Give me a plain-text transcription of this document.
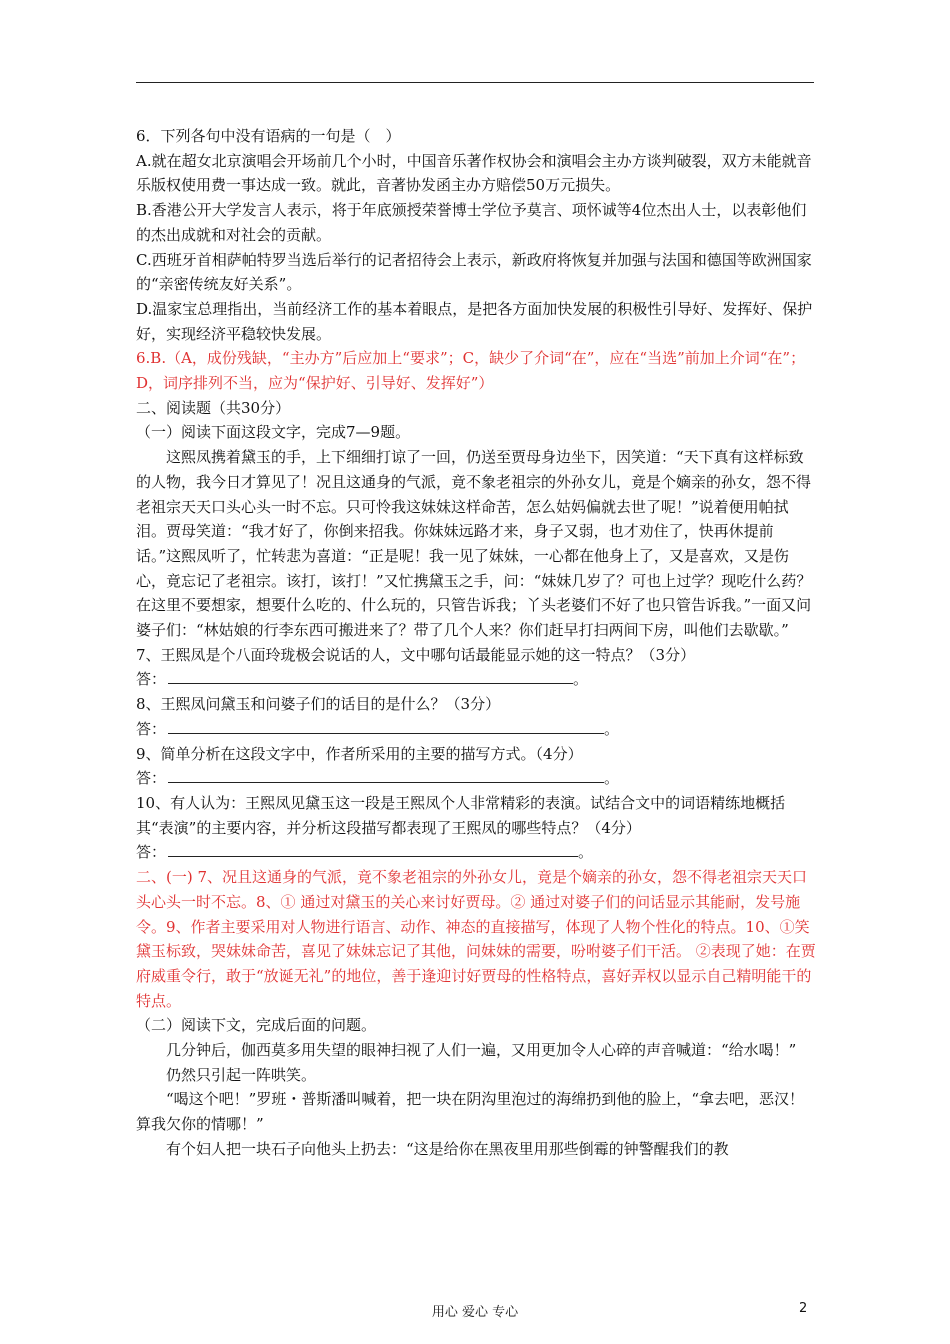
6．下列各句中没有语病的一句是（　）

A.就在超女北京演唱会开场前几个小时，中国音乐著作权协会和演唱会主办方谈判破裂，双方未能就音乐版权使用费一事达成一致。就此，音著协发函主办方赔偿50万元损失。

B.香港公开大学发言人表示，将于年底颁授荣誉博士学位予莫言、项怀诚等4位杰出人士，以表彰他们的杰出成就和对社会的贡献。

C.西班牙首相萨帕特罗当选后举行的记者招待会上表示，新政府将恢复并加强与法国和德国等欧洲国家的“亲密传统友好关系”。

D.温家宝总理指出，当前经济工作的基本着眼点，是把各方面加快发展的积极性引导好、发挥好、保护好，实现经济平稳较快发展。

6.B.（A，成份残缺，“主办方”后应加上“要求”；C，缺少了介词“在”，应在“当选”前加上介词“在”；D，词序排列不当，应为“保护好、引导好、发挥好”）

二、阅读题（共30分）

（一）阅读下面这段文字，完成7—9题。

这熙凤携着黛玉的手，上下细细打谅了一回，仍送至贾母身边坐下，因笑道：“天下真有这样标致的人物，我今日才算见了！况且这通身的气派，竟不象老祖宗的外孙女儿，竟是个嫡亲的孙女，怨不得老祖宗天天口头心头一时不忘。只可怜我这妹妹这样命苦，怎么姑妈偏就去世了呢！”说着便用帕拭泪。贾母笑道：“我才好了，你倒来招我。你妹妹远路才来，身子又弱，也才劝住了，快再休提前话。”这熙凤听了，忙转悲为喜道：“正是呢！我一见了妹妹，一心都在他身上了，又是喜欢，又是伤心，竟忘记了老祖宗。该打，该打！”又忙携黛玉之手，问：“妹妹几岁了？可也上过学？现吃什么药？在这里不要想家，想要什么吃的、什么玩的，只管告诉我；丫头老婆们不好了也只管告诉我。”一面又问婆子们：“林姑娘的行李东西可搬进来了？带了几个人来？你们赶早打扫两间下房，叫他们去歇歇。”

7、王熙凤是个八面玲珑极会说话的人，文中哪句话最能显示她的这一特点？（3分）

答：	。

8、王熙凤问黛玉和问婆子们的话目的是什么？（3分）

答：	。

9、简单分析在这段文字中，作者所采用的主要的描写方式。（4分）

答：	。

10、有人认为：王熙凤见黛玉这一段是王熙凤个人非常精彩的表演。试结合文中的词语精练地概括其“表演”的主要内容，并分析这段描写都表现了王熙凤的哪些特点？（4分）

答：	。

二、(一) 7、况且这通身的气派，竟不象老祖宗的外孙女儿，竟是个嫡亲的孙女，怨不得老祖宗天天口头心头一时不忘。8、① 通过对黛玉的关心来讨好贾母。② 通过对婆子们的问话显示其能耐，发号施令。9、作者主要采用对人物进行语言、动作、神态的直接描写，体现了人物个性化的特点。10、①笑黛玉标致，哭妹妹命苦，喜见了妹妹忘记了其他，问妹妹的需要，吩咐婆子们干活。 ②表现了她：在贾府威重令行，敢于“放诞无礼”的地位，善于逢迎讨好贾母的性格特点，喜好弄权以显示自己精明能干的特点。

（二）阅读下文，完成后面的问题。

几分钟后，伽西莫多用失望的眼神扫视了人们一遍，又用更加令人心碎的声音喊道：“给水喝！”

仍然只引起一阵哄笑。

“喝这个吧！”罗班・普斯潘叫喊着，把一块在阴沟里泡过的海绵扔到他的脸上，“拿去吧，恶汉！算我欠你的情哪！”

有个妇人把一块石子向他头上扔去：“这是给你在黑夜里用那些倒霉的钟警醒我们的教

用心 爱心 专心	2
